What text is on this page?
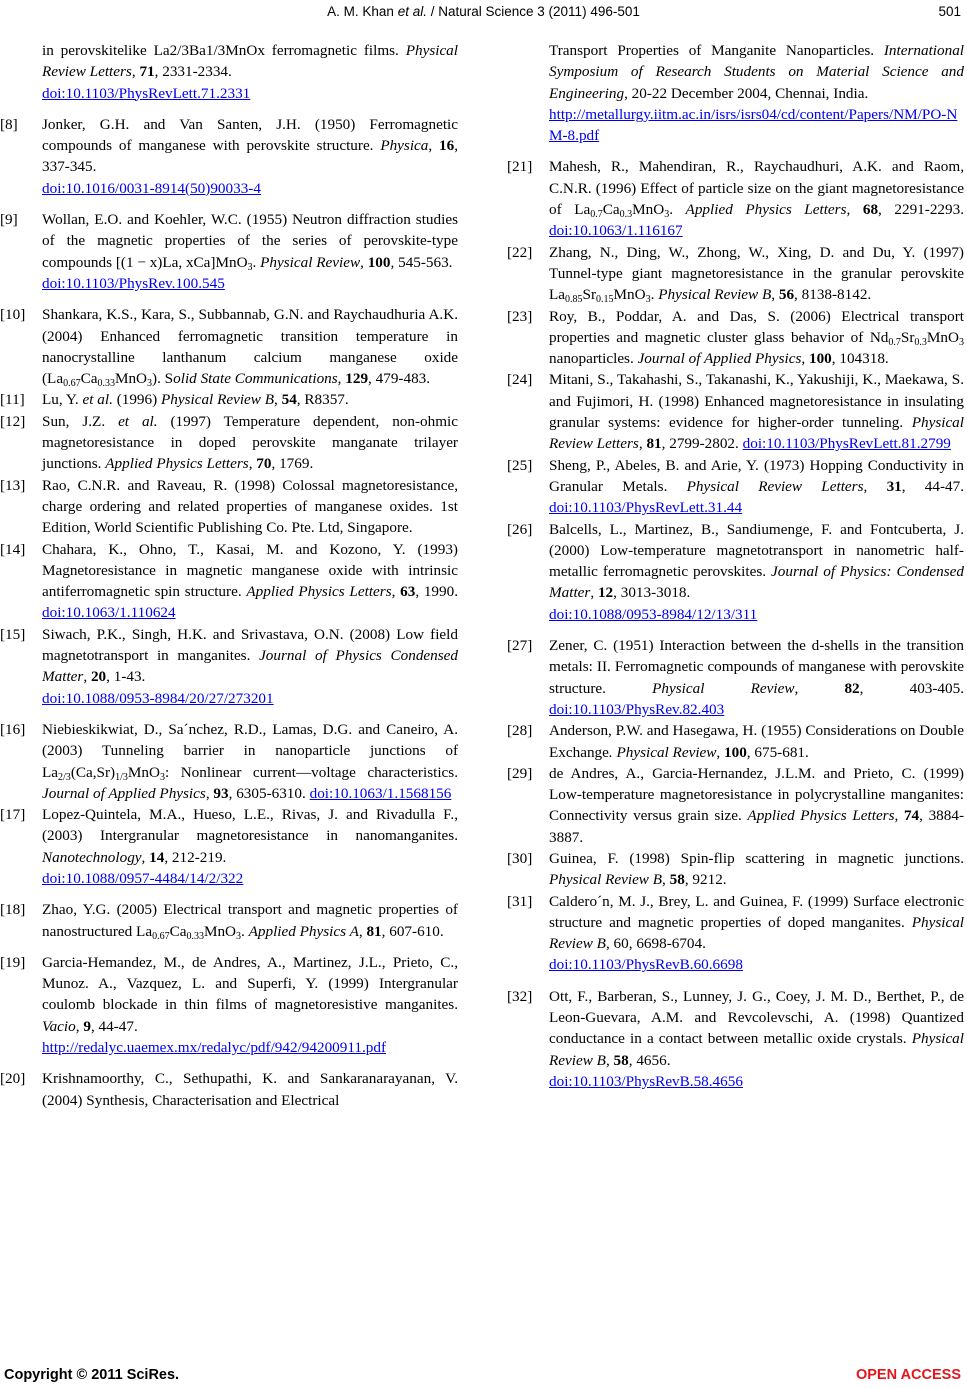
A. M. Khan et al. / Natural Science 3 (2011) 496-501	501
in perovskitelike La2/3Ba1/3MnOx ferromagnetic films. Physical Review Letters, 71, 2331-2334.
doi:10.1103/PhysRevLett.71.2331
[8] Jonker, G.H. and Van Santen, J.H. (1950) Ferromagnetic compounds of manganese with perovskite structure. Physica, 16, 337-345.
doi:10.1016/0031-8914(50)90033-4
[9] Wollan, E.O. and Koehler, W.C. (1955) Neutron diffraction studies of the magnetic properties of the series of perovskite-type compounds [(1 − x)La, xCa]MnO$_3$. Physical Review, 100, 545-563.
doi:10.1103/PhysRev.100.545
[10] Shankara, K.S., Kara, S., Subbannab, G.N. and Raychaudhuria A.K. (2004) Enhanced ferromagnetic transition temperature in nanocrystalline lanthanum calcium manganese oxide $(La_{0.67}Ca_{0.33}MnO_3)$. Solid State Communications, 129, 479-483.
[11] Lu, Y. et al. (1996) Physical Review B, 54, R8357.
[12] Sun, J.Z. et al. (1997) Temperature dependent, non-ohmic magnetoresistance in doped perovskite manganate trilayer junctions. Applied Physics Letters, 70, 1769.
[13] Rao, C.N.R. and Raveau, R. (1998) Colossal magnetoresistance, charge ordering and related properties of manganese oxides. 1st Edition, World Scientific Publishing Co. Pte. Ltd, Singapore.
[14] Chahara, K., Ohno, T., Kasai, M. and Kozono, Y. (1993) Magnetoresistance in magnetic manganese oxide with intrinsic antiferromagnetic spin structure. Applied Physics Letters, 63, 1990. doi:10.1063/1.110624
[15] Siwach, P.K., Singh, H.K. and Srivastava, O.N. (2008) Low field magnetotransport in manganites. Journal of Physics Condensed Matter, 20, 1-43.
doi:10.1088/0953-8984/20/27/273201
[16] Niebieskikwiat, D., Sa´nchez, R.D., Lamas, D.G. and Caneiro, A. (2003) Tunneling barrier in nanoparticle junctions of $La_{2/3}(Ca,Sr)_{1/3}MnO_3$: Nonlinear current—voltage characteristics. Journal of Applied Physics, 93, 6305-6310. doi:10.1063/1.1568156
[17] Lopez-Quintela, M.A., Hueso, L.E., Rivas, J. and Rivadulla F., (2003) Intergranular magnetoresistance in nanomanganites. Nanotechnology, 14, 212-219.
doi:10.1088/0957-4484/14/2/322
[18] Zhao, Y.G. (2005) Electrical transport and magnetic properties of nanostructured $La_{0.67}Ca_{0.33}MnO_3$. Applied Physics A, 81, 607-610.
[19] Garcia-Hemandez, M., de Andres, A., Martinez, J.L., Prieto, C., Munoz. A., Vazquez, L. and Superfi, Y. (1999) Intergranular coulomb blockade in thin films of magnetoresistive manganites. Vacio, 9, 44-47.
http://redalyc.uaemex.mx/redalyc/pdf/942/94200911.pdf
[20] Krishnamoorthy, C., Sethupathi, K. and Sankaranarayanan, V. (2004) Synthesis, Characterisation and Electrical
Transport Properties of Manganite Nanoparticles. International Symposium of Research Students on Material Science and Engineering, 20-22 December 2004, Chennai, India.
http://metallurgy.iitm.ac.in/isrs/isrs04/cd/content/Papers/NM/PO-NM-8.pdf
[21] Mahesh, R., Mahendiran, R., Raychaudhuri, A.K. and Raom, C.N.R. (1996) Effect of particle size on the giant magnetoresistance of $La_{0.7}Ca_{0.3}MnO_3$. Applied Physics Letters, 68, 2291-2293. doi:10.1063/1.116167
[22] Zhang, N., Ding, W., Zhong, W., Xing, D. and Du, Y. (1997) Tunnel-type giant magnetoresistance in the granular perovskite $La_{0.85}Sr_{0.15}MnO_3$. Physical Review B, 56, 8138-8142.
[23] Roy, B., Poddar, A. and Das, S. (2006) Electrical transport properties and magnetic cluster glass behavior of $Nd_{0.7}Sr_{0.3}MnO_3$ nanoparticles. Journal of Applied Physics, 100, 104318.
[24] Mitani, S., Takahashi, S., Takanashi, K., Yakushiji, K., Maekawa, S. and Fujimori, H. (1998) Enhanced magnetoresistance in insulating granular systems: evidence for higher-order tunneling. Physical Review Letters, 81, 2799-2802. doi:10.1103/PhysRevLett.81.2799
[25] Sheng, P., Abeles, B. and Arie, Y. (1973) Hopping Conductivity in Granular Metals. Physical Review Letters, 31, 44-47. doi:10.1103/PhysRevLett.31.44
[26] Balcells, L., Martinez, B., Sandiumenge, F. and Fontcuberta, J. (2000) Low-temperature magnetotransport in nanometric half-metallic ferromagnetic perovskites. Journal of Physics: Condensed Matter, 12, 3013-3018.
doi:10.1088/0953-8984/12/13/311
[27] Zener, C. (1951) Interaction between the d-shells in the transition metals: II. Ferromagnetic compounds of manganese with perovskite structure.	Physical Review, 82, 403-405. doi:10.1103/PhysRev.82.403
[28] Anderson, P.W. and Hasegawa, H. (1955) Considerations on Double Exchange. Physical Review, 100, 675-681.
[29] de Andres, A., Garcia-Hernandez, J.L.M. and Prieto, C. (1999) Low-temperature magnetoresistance in polycrystalline manganites: Connectivity versus grain size. Applied Physics Letters, 74, 3884-3887.
[30] Guinea, F. (1998) Spin-flip scattering in magnetic junctions. Physical Review B, 58, 9212.
[31] Caldero´n, M. J., Brey, L. and Guinea, F. (1999) Surface electronic structure and magnetic properties of doped manganites. Physical Review B, 60, 6698-6704.
doi:10.1103/PhysRevB.60.6698
[32] Ott, F., Barberan, S., Lunney, J. G., Coey, J. M. D., Berthet, P., de Leon-Guevara, A.M. and Revcolevschi, A. (1998) Quantized conductance in a contact between metallic oxide crystals. Physical Review B, 58, 4656.
doi:10.1103/PhysRevB.58.4656
Copyright © 2011 SciRes.	OPEN ACCESS
